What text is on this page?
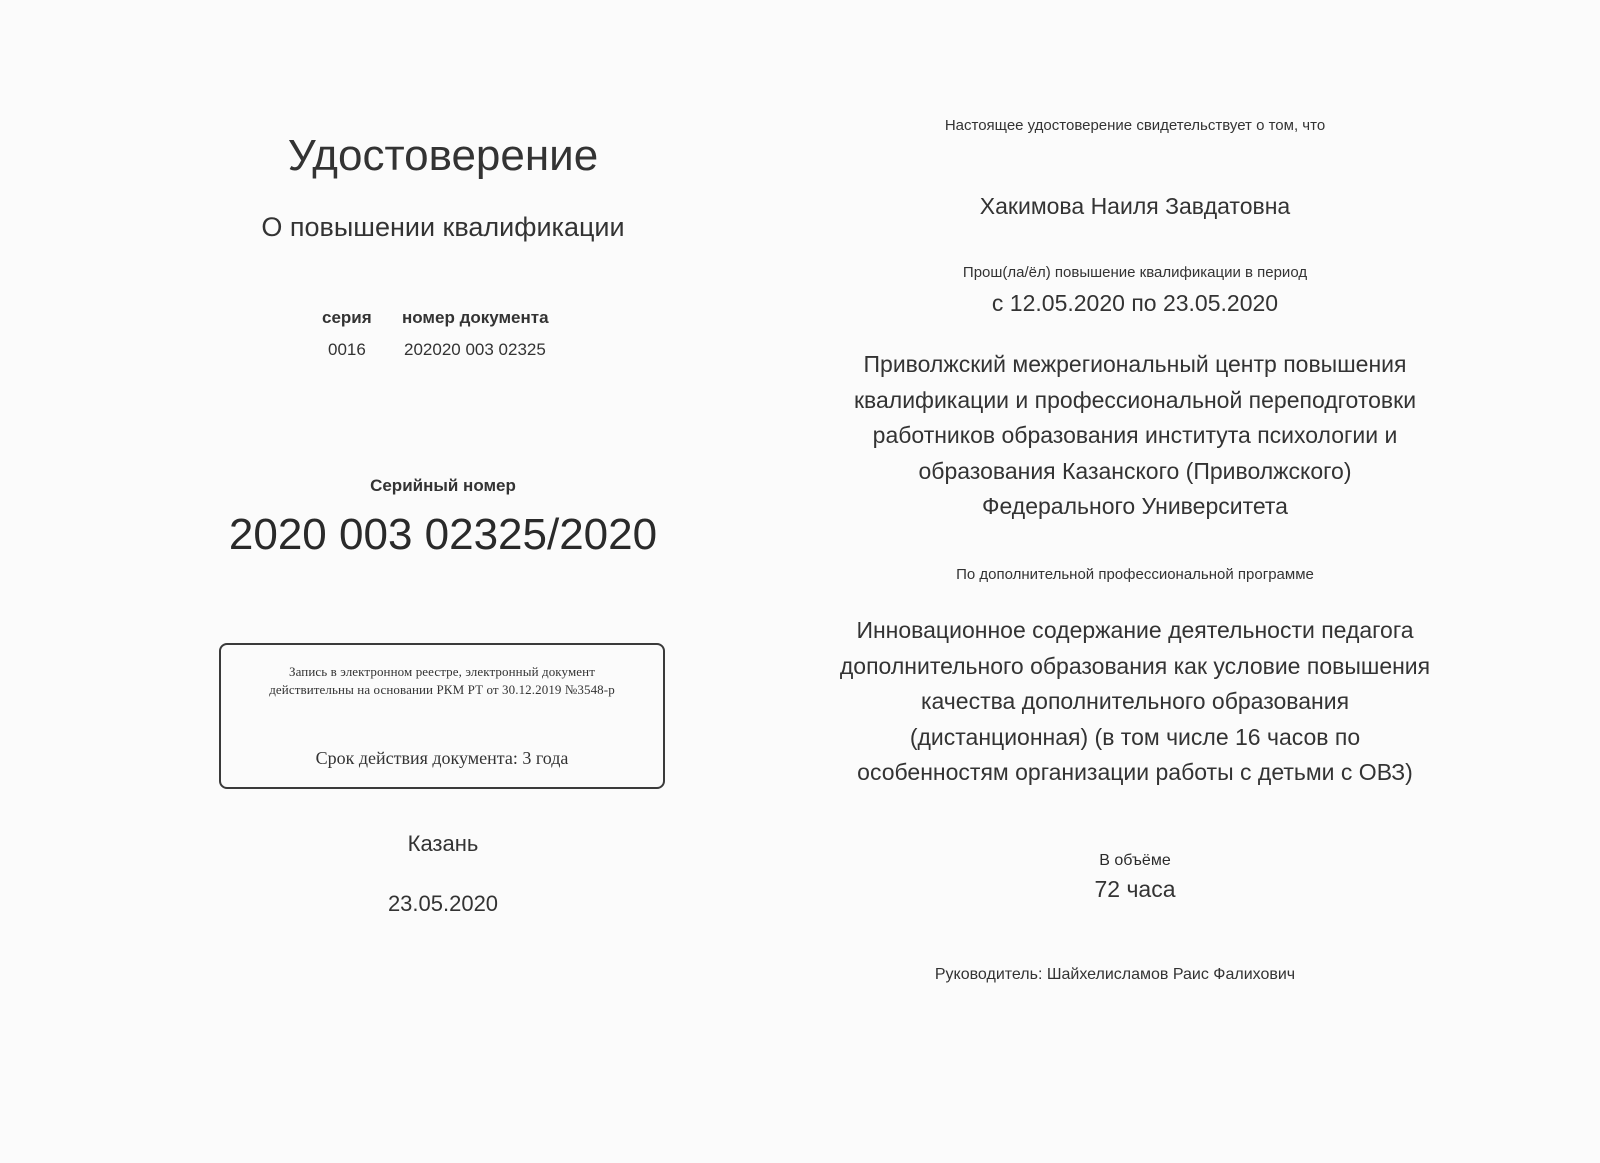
Удостоверение
О повышении квалификации
серия номер документа
0016 202020 003 02325
Серийный номер
2020 003 02325/2020
Запись в электронном реестре, электронный документ
действительны на основании РКМ РТ от 30.12.2019 №3548-р
Срок действия документа: 3 года
Казань
23.05.2020
Настоящее удостоверение свидетельствует о том, что
Хакимова Наиля Завдатовна
Прош(ла/ёл) повышение квалификации в период
с 12.05.2020 по 23.05.2020
Приволжский межрегиональный центр повышения
квалификации и профессиональной переподготовки
работников образования института психологии и
образования Казанского (Приволжского)
Федерального Университета
По дополнительной профессиональной программе
Инновационное содержание деятельности педагога
дополнительного образования как условие повышения
качества дополнительного образования
(дистанционная) (в том числе 16 часов по
особенностям организации работы с детьми с ОВЗ)
В объёме
72 часа
Руководитель: Шайхелисламов Раис Фалихович
